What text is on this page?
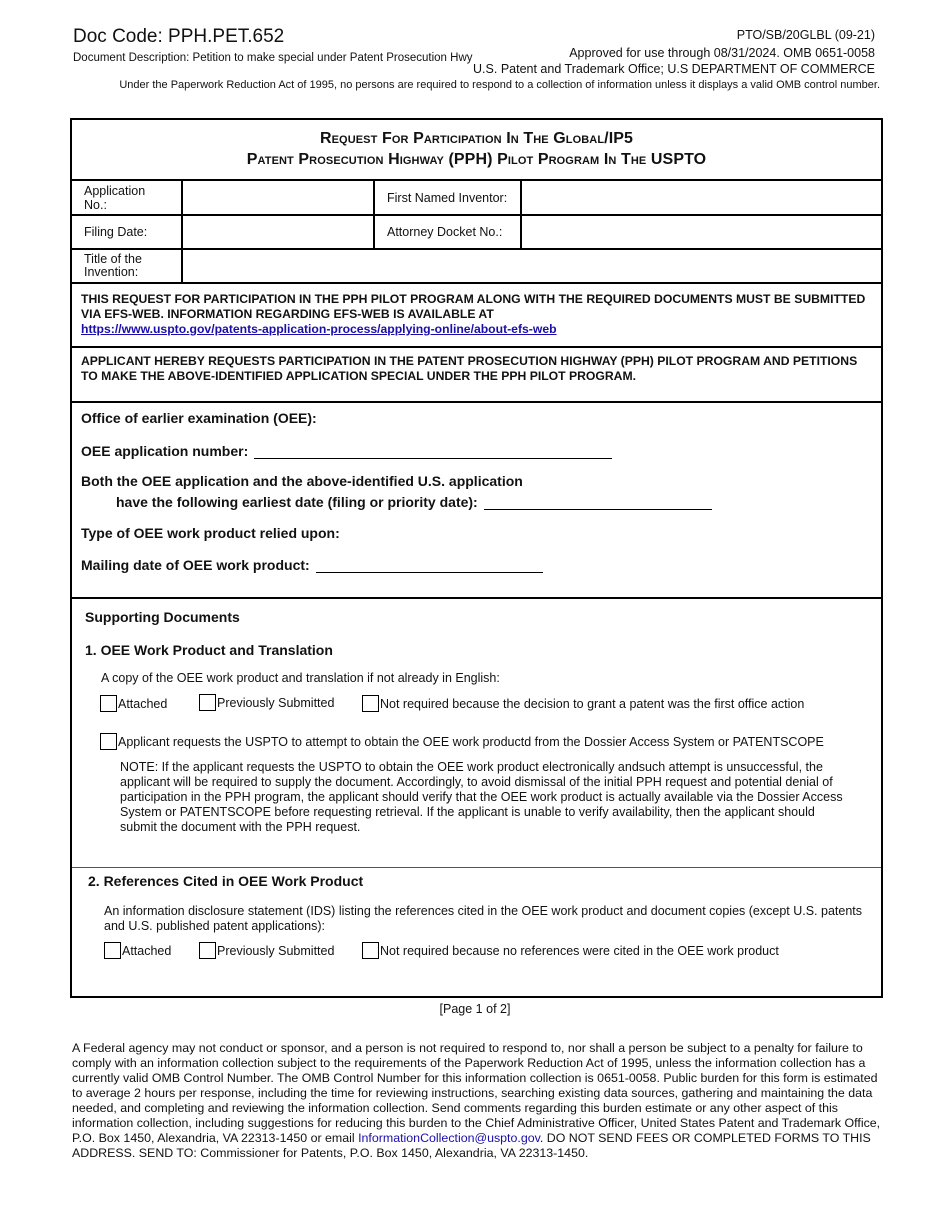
Doc Code: PPH.PET.652
Document Description: Petition to make special under Patent Prosecution Hwy
PTO/SB/20GLBL (09-21)
Approved for use through 08/31/2024. OMB 0651-0058
U.S. Patent and Trademark Office; U.S DEPARTMENT OF COMMERCE
Under the Paperwork Reduction Act of 1995, no persons are required to respond to a collection of information unless it displays a valid OMB control number.
Request For Participation In The Global/IP5
Patent Prosecution Highway (PPH) Pilot Program In The USPTO
Application No.:	First Named Inventor:
Filing Date:	Attorney Docket No.:
Title of the Invention:
THIS REQUEST FOR PARTICIPATION IN THE PPH PILOT PROGRAM ALONG WITH THE REQUIRED DOCUMENTS MUST BE SUBMITTED VIA EFS-WEB. INFORMATION REGARDING EFS-WEB IS AVAILABLE AT
https://www.uspto.gov/patents-application-process/applying-online/about-efs-web
APPLICANT HEREBY REQUESTS PARTICIPATION IN THE PATENT PROSECUTION HIGHWAY (PPH) PILOT PROGRAM AND PETITIONS TO MAKE THE ABOVE-IDENTIFIED APPLICATION SPECIAL UNDER THE PPH PILOT PROGRAM.
Office of earlier examination (OEE):
OEE application number:
Both the OEE application and the above-identified U.S. application
have the following earliest date (filing or priority date):
Type of OEE work product relied upon:
Mailing date of OEE work product:
Supporting Documents
1. OEE Work Product and Translation
A copy of the OEE work product and translation if not already in English:
Attached	Previously Submitted	Not required because the decision to grant a patent was the first office action
Applicant requests the USPTO to attempt to obtain the OEE work productd from the Dossier Access System or PATENTSCOPE
NOTE: If the applicant requests the USPTO to obtain the OEE work product electronically andsuch attempt is unsuccessful, the applicant will be required to supply the document. Accordingly, to avoid dismissal of the initial PPH request and potential denial of participation in the PPH program, the applicant should verify that the OEE work product is actually available via the Dossier Access System or PATENTSCOPE before requesting retrieval. If the applicant is unable to verify availability, then the applicant should submit the document with the PPH request.
2. References Cited in OEE Work Product
An information disclosure statement (IDS) listing the references cited in the OEE work product and document copies (except U.S. patents and U.S. published patent applications):
Attached	Previously Submitted	Not required because no references were cited in the OEE work product
[Page 1 of 2]
A Federal agency may not conduct or sponsor, and a person is not required to respond to, nor shall a person be subject to a penalty for failure to comply with an information collection subject to the requirements of the Paperwork Reduction Act of 1995, unless the information collection has a currently valid OMB Control Number. The OMB Control Number for this information collection is 0651-0058. Public burden for this form is estimated to average 2 hours per response, including the time for reviewing instructions, searching existing data sources, gathering and maintaining the data needed, and completing and reviewing the information collection. Send comments regarding this burden estimate or any other aspect of this information collection, including suggestions for reducing this burden to the Chief Administrative Officer, United States Patent and Trademark Office, P.O. Box 1450, Alexandria, VA 22313-1450 or email InformationCollection@uspto.gov. DO NOT SEND FEES OR COMPLETED FORMS TO THIS ADDRESS. SEND TO: Commissioner for Patents, P.O. Box 1450, Alexandria, VA 22313-1450.
